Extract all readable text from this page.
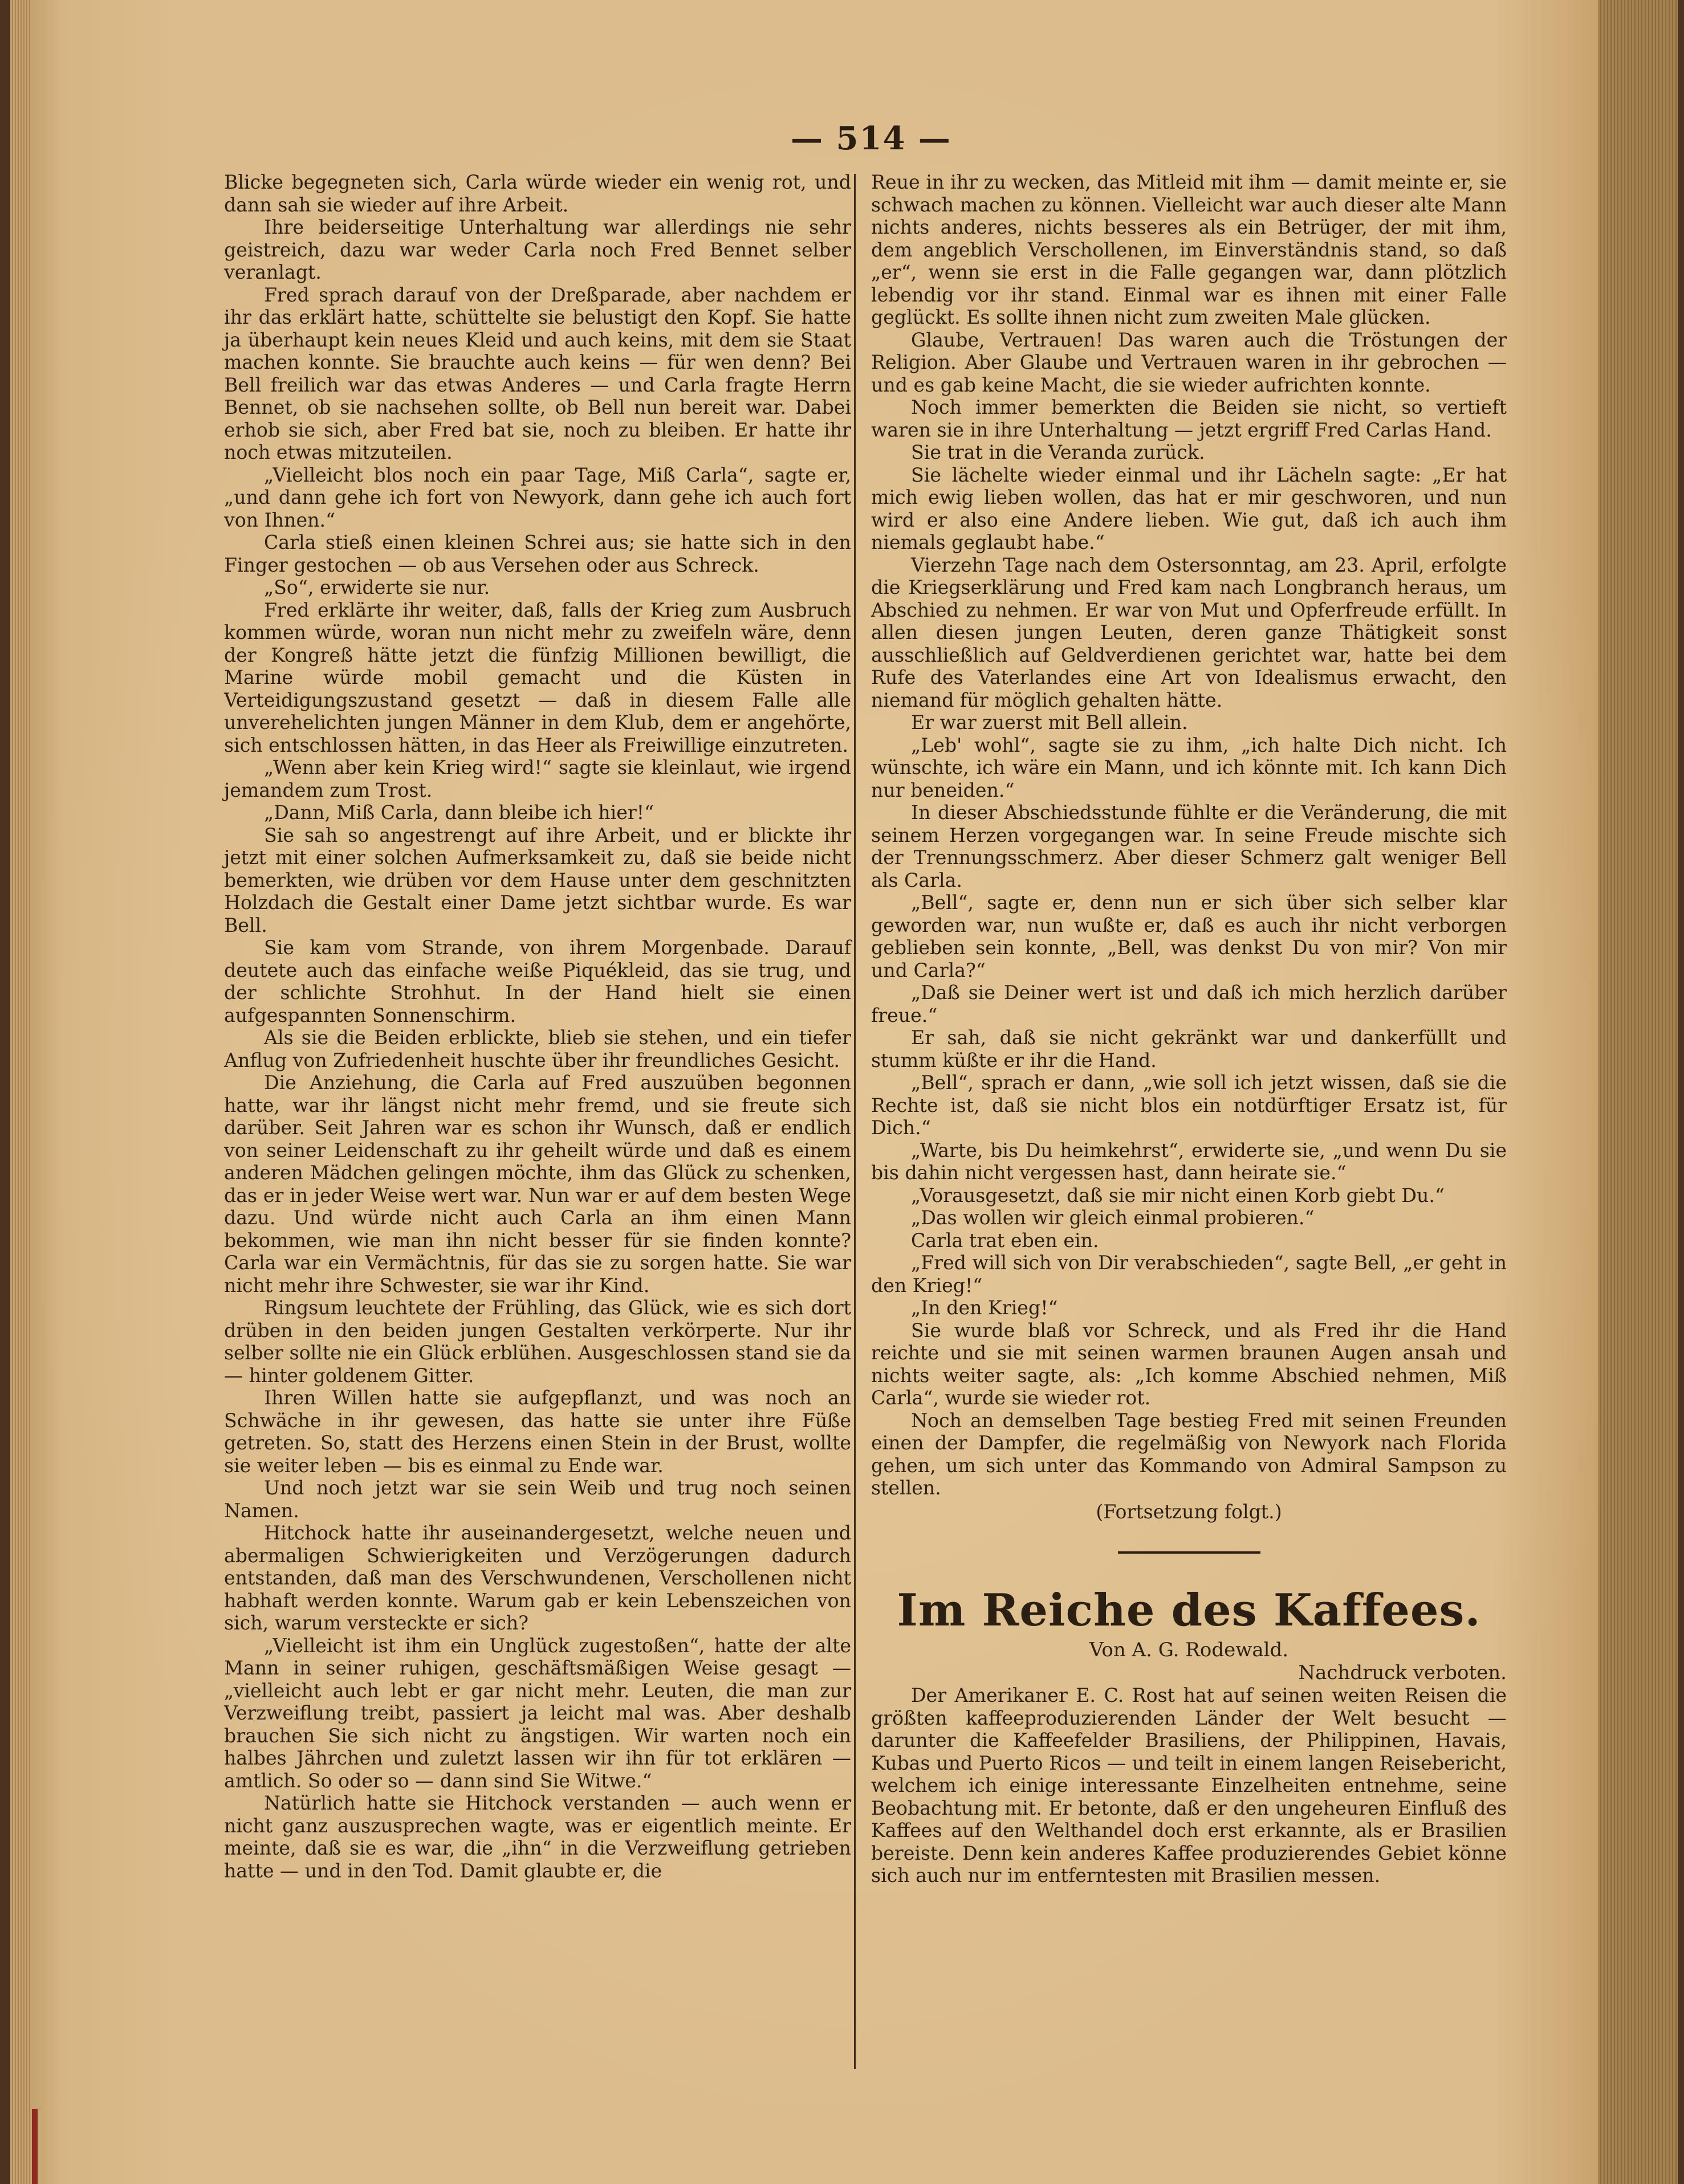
— 514 —

Blicke begegneten sich, Carla würde wieder ein wenig rot, und dann sah sie wieder auf ihre Arbeit.

Ihre beiderseitige Unterhaltung war allerdings nie sehr geistreich, dazu war weder Carla noch Fred Bennet selber veranlagt.

Fred sprach darauf von der Dreßparade, aber nachdem er ihr das erklärt hatte, schüttelte sie belustigt den Kopf. Sie hatte ja überhaupt kein neues Kleid und auch keins, mit dem sie Staat machen konnte. Sie brauchte auch keins — für wen denn? Bei Bell freilich war das etwas Anderes — und Carla fragte Herrn Bennet, ob sie nachsehen sollte, ob Bell nun bereit war. Dabei erhob sie sich, aber Fred bat sie, noch zu bleiben. Er hatte ihr noch etwas mitzuteilen.

„Vielleicht blos noch ein paar Tage, Miß Carla“, sagte er, „und dann gehe ich fort von Newyork, dann gehe ich auch fort von Ihnen.“

Carla stieß einen kleinen Schrei aus; sie hatte sich in den Finger gestochen — ob aus Versehen oder aus Schreck.

„So“, erwiderte sie nur.

Fred erklärte ihr weiter, daß, falls der Krieg zum Ausbruch kommen würde, woran nun nicht mehr zu zweifeln wäre, denn der Kongreß hätte jetzt die fünfzig Millionen bewilligt, die Marine würde mobil gemacht und die Küsten in Verteidigungszustand gesetzt — daß in diesem Falle alle unverehelichten jungen Männer in dem Klub, dem er angehörte, sich entschlossen hätten, in das Heer als Freiwillige einzutreten.

„Wenn aber kein Krieg wird!“ sagte sie kleinlaut, wie irgend jemandem zum Trost.

„Dann, Miß Carla, dann bleibe ich hier!“

Sie sah so angestrengt auf ihre Arbeit, und er blickte ihr jetzt mit einer solchen Aufmerksamkeit zu, daß sie beide nicht bemerkten, wie drüben vor dem Hause unter dem geschnitzten Holzdach die Gestalt einer Dame jetzt sichtbar wurde. Es war Bell.

Sie kam vom Strande, von ihrem Morgenbade. Darauf deutete auch das einfache weiße Piquékleid, das sie trug, und der schlichte Strohhut. In der Hand hielt sie einen aufgespannten Sonnenschirm.

Als sie die Beiden erblickte, blieb sie stehen, und ein tiefer Anflug von Zufriedenheit huschte über ihr freundliches Gesicht.

Die Anziehung, die Carla auf Fred auszuüben begonnen hatte, war ihr längst nicht mehr fremd, und sie freute sich darüber. Seit Jahren war es schon ihr Wunsch, daß er endlich von seiner Leidenschaft zu ihr geheilt würde und daß es einem anderen Mädchen gelingen möchte, ihm das Glück zu schenken, das er in jeder Weise wert war. Nun war er auf dem besten Wege dazu. Und würde nicht auch Carla an ihm einen Mann bekommen, wie man ihn nicht besser für sie finden konnte? Carla war ein Vermächtnis, für das sie zu sorgen hatte. Sie war nicht mehr ihre Schwester, sie war ihr Kind.

Ringsum leuchtete der Frühling, das Glück, wie es sich dort drüben in den beiden jungen Gestalten verkörperte. Nur ihr selber sollte nie ein Glück erblühen. Ausgeschlossen stand sie da — hinter goldenem Gitter.

Ihren Willen hatte sie aufgepflanzt, und was noch an Schwäche in ihr gewesen, das hatte sie unter ihre Füße getreten. So, statt des Herzens einen Stein in der Brust, wollte sie weiter leben — bis es einmal zu Ende war.

Und noch jetzt war sie sein Weib und trug noch seinen Namen.

Hitchock hatte ihr auseinandergesetzt, welche neuen und abermaligen Schwierigkeiten und Verzögerungen dadurch entstanden, daß man des Verschwundenen, Verschollenen nicht habhaft werden konnte. Warum gab er kein Lebenszeichen von sich, warum versteckte er sich?

„Vielleicht ist ihm ein Unglück zugestoßen“, hatte der alte Mann in seiner ruhigen, geschäftsmäßigen Weise gesagt — „vielleicht auch lebt er gar nicht mehr. Leuten, die man zur Verzweiflung treibt, passiert ja leicht mal was. Aber deshalb brauchen Sie sich nicht zu ängstigen. Wir warten noch ein halbes Jährchen und zuletzt lassen wir ihn für tot erklären — amtlich. So oder so — dann sind Sie Witwe.“

Natürlich hatte sie Hitchock verstanden — auch wenn er nicht ganz auszusprechen wagte, was er eigentlich meinte. Er meinte, daß sie es war, die „ihn“ in die Verzweiflung getrieben hatte — und in den Tod. Damit glaubte er, die

Reue in ihr zu wecken, das Mitleid mit ihm — damit meinte er, sie schwach machen zu können. Vielleicht war auch dieser alte Mann nichts anderes, nichts besseres als ein Betrüger, der mit ihm, dem angeblich Verschollenen, im Einverständnis stand, so daß „er“, wenn sie erst in die Falle gegangen war, dann plötzlich lebendig vor ihr stand. Einmal war es ihnen mit einer Falle geglückt. Es sollte ihnen nicht zum zweiten Male glücken.

Glaube, Vertrauen! Das waren auch die Tröstungen der Religion. Aber Glaube und Vertrauen waren in ihr gebrochen — und es gab keine Macht, die sie wieder aufrichten konnte.

Noch immer bemerkten die Beiden sie nicht, so vertieft waren sie in ihre Unterhaltung — jetzt ergriff Fred Carlas Hand.

Sie trat in die Veranda zurück.

Sie lächelte wieder einmal und ihr Lächeln sagte: „Er hat mich ewig lieben wollen, das hat er mir geschworen, und nun wird er also eine Andere lieben. Wie gut, daß ich auch ihm niemals geglaubt habe.“

Vierzehn Tage nach dem Ostersonntag, am 23. April, erfolgte die Kriegserklärung und Fred kam nach Longbranch heraus, um Abschied zu nehmen. Er war von Mut und Opferfreude erfüllt. In allen diesen jungen Leuten, deren ganze Thätigkeit sonst ausschließlich auf Geldverdienen gerichtet war, hatte bei dem Rufe des Vaterlandes eine Art von Idealismus erwacht, den niemand für möglich gehalten hätte.

Er war zuerst mit Bell allein.

„Leb' wohl“, sagte sie zu ihm, „ich halte Dich nicht. Ich wünschte, ich wäre ein Mann, und ich könnte mit. Ich kann Dich nur beneiden.“

In dieser Abschiedsstunde fühlte er die Veränderung, die mit seinem Herzen vorgegangen war. In seine Freude mischte sich der Trennungsschmerz. Aber dieser Schmerz galt weniger Bell als Carla.

„Bell“, sagte er, denn nun er sich über sich selber klar geworden war, nun wußte er, daß es auch ihr nicht verborgen geblieben sein konnte, „Bell, was denkst Du von mir? Von mir und Carla?“

„Daß sie Deiner wert ist und daß ich mich herzlich darüber freue.“

Er sah, daß sie nicht gekränkt war und dankerfüllt und stumm küßte er ihr die Hand.

„Bell“, sprach er dann, „wie soll ich jetzt wissen, daß sie die Rechte ist, daß sie nicht blos ein notdürftiger Ersatz ist, für Dich.“

„Warte, bis Du heimkehrst“, erwiderte sie, „und wenn Du sie bis dahin nicht vergessen hast, dann heirate sie.“

„Vorausgesetzt, daß sie mir nicht einen Korb giebt Du.“

„Das wollen wir gleich einmal probieren.“

Carla trat eben ein.

„Fred will sich von Dir verabschieden“, sagte Bell, „er geht in den Krieg!“

„In den Krieg!“

Sie wurde blaß vor Schreck, und als Fred ihr die Hand reichte und sie mit seinen warmen braunen Augen ansah und nichts weiter sagte, als: „Ich komme Abschied nehmen, Miß Carla“, wurde sie wieder rot.

Noch an demselben Tage bestieg Fred mit seinen Freunden einen der Dampfer, die regelmäßig von Newyork nach Florida gehen, um sich unter das Kommando von Admiral Sampson zu stellen.

(Fortsetzung folgt.)

Im Reiche des Kaffees.

Von A. G. Rodewald.

Nachdruck verboten.

Der Amerikaner E. C. Rost hat auf seinen weiten Reisen die größten kaffeeproduzierenden Länder der Welt besucht — darunter die Kaffeefelder Brasiliens, der Philippinen, Havais, Kubas und Puerto Ricos — und teilt in einem langen Reisebericht, welchem ich einige interessante Einzelheiten entnehme, seine Beobachtung mit. Er betonte, daß er den ungeheuren Einfluß des Kaffees auf den Welthandel doch erst erkannte, als er Brasilien bereiste. Denn kein anderes Kaffee produzierendes Gebiet könne sich auch nur im entferntesten mit Brasilien messen.
